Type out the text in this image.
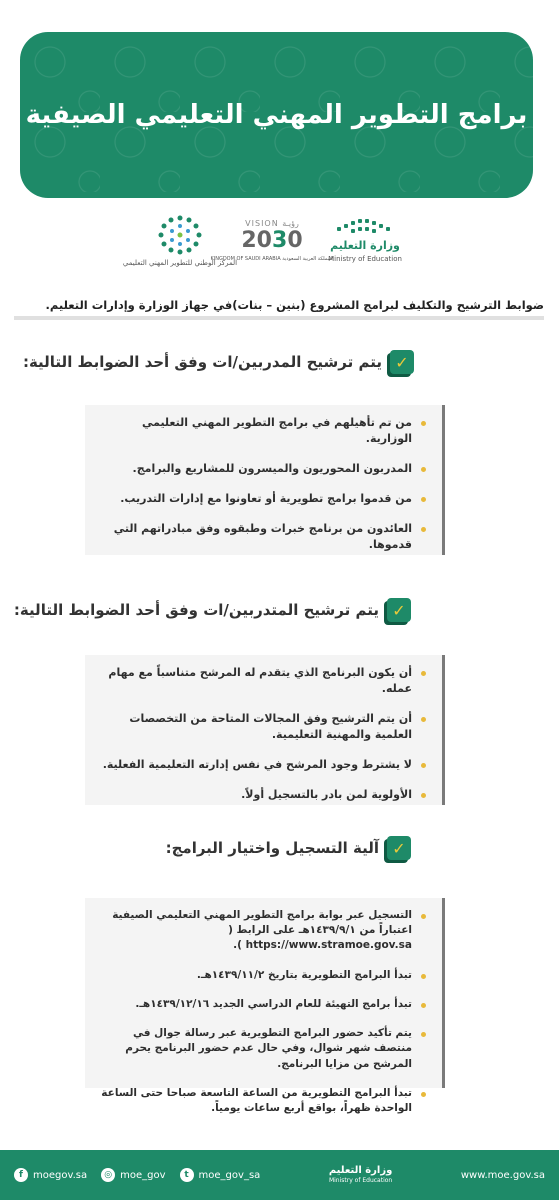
برامج التطوير المهني التعليمي الصيفية
وزارة التعليم
Ministry of Education
VISION رؤيـة
2030
المملكة العربية السعودية KINGDOM OF SAUDI ARABIA
المركز الوطني للتطوير المهني التعليمي
ضوابط الترشيح والتكليف لبرامج المشروع (بنين – بنات)في جهاز الوزارة وإدارات التعليم.
✓
يتم ترشيح المدربين/ات وفق أحد الضوابط التالية:
من تم تأهيلهم في برامج التطوير المهني التعليمي الوزارية.
المدربون المحوريون والميسرون للمشاريع والبرامج.
من قدموا برامج تطويرية أو تعاونوا مع إدارات التدريب.
العائدون من برنامج خبرات وطبقوه وفق مبادراتهم التي قدموها.
✓
يتم ترشيح المتدربين/ات وفق أحد الضوابط التالية:
أن يكون البرنامج الذي يتقدم له المرشح متناسباً مع مهام عمله.
أن يتم الترشيح وفق المجالات المتاحة من التخصصات العلمية والمهنية التعليمية.
لا يشترط وجود المرشح في نفس إدارته التعليمية الفعلية.
الأولوية لمن بادر بالتسجيل أولاً.
✓
آلية التسجيل واختيار البرامج:
التسجيل عبر بوابة برامج التطوير المهني التعليمي الصيفية اعتباراً من ١٤٣٩/٩/١هـ على الرابط ( https://www.stramoe.gov.sa ).
تبدأ البرامج التطويرية بتاريخ ١٤٣٩/١١/٢هـ.
تبدأ برامج التهيئة للعام الدراسي الجديد ١٤٣٩/١٢/١٦هـ.
يتم تأكيد حضور البرامج التطويرية عبر رسالة جوال في منتصف شهر شوال، وفي حال عدم حضور البرنامج يحرم المرشح من مزايا البرنامج.
تبدأ البرامج التطويرية من الساعة التاسعة صباحا حتى الساعة الواحدة ظهراً، بواقع أربع ساعات يومياً.
f	moegov.sa	◎ moe_gov	t moe_gov_sa	وزارة التعليم
Ministry of Education
www.moe.gov.sa
